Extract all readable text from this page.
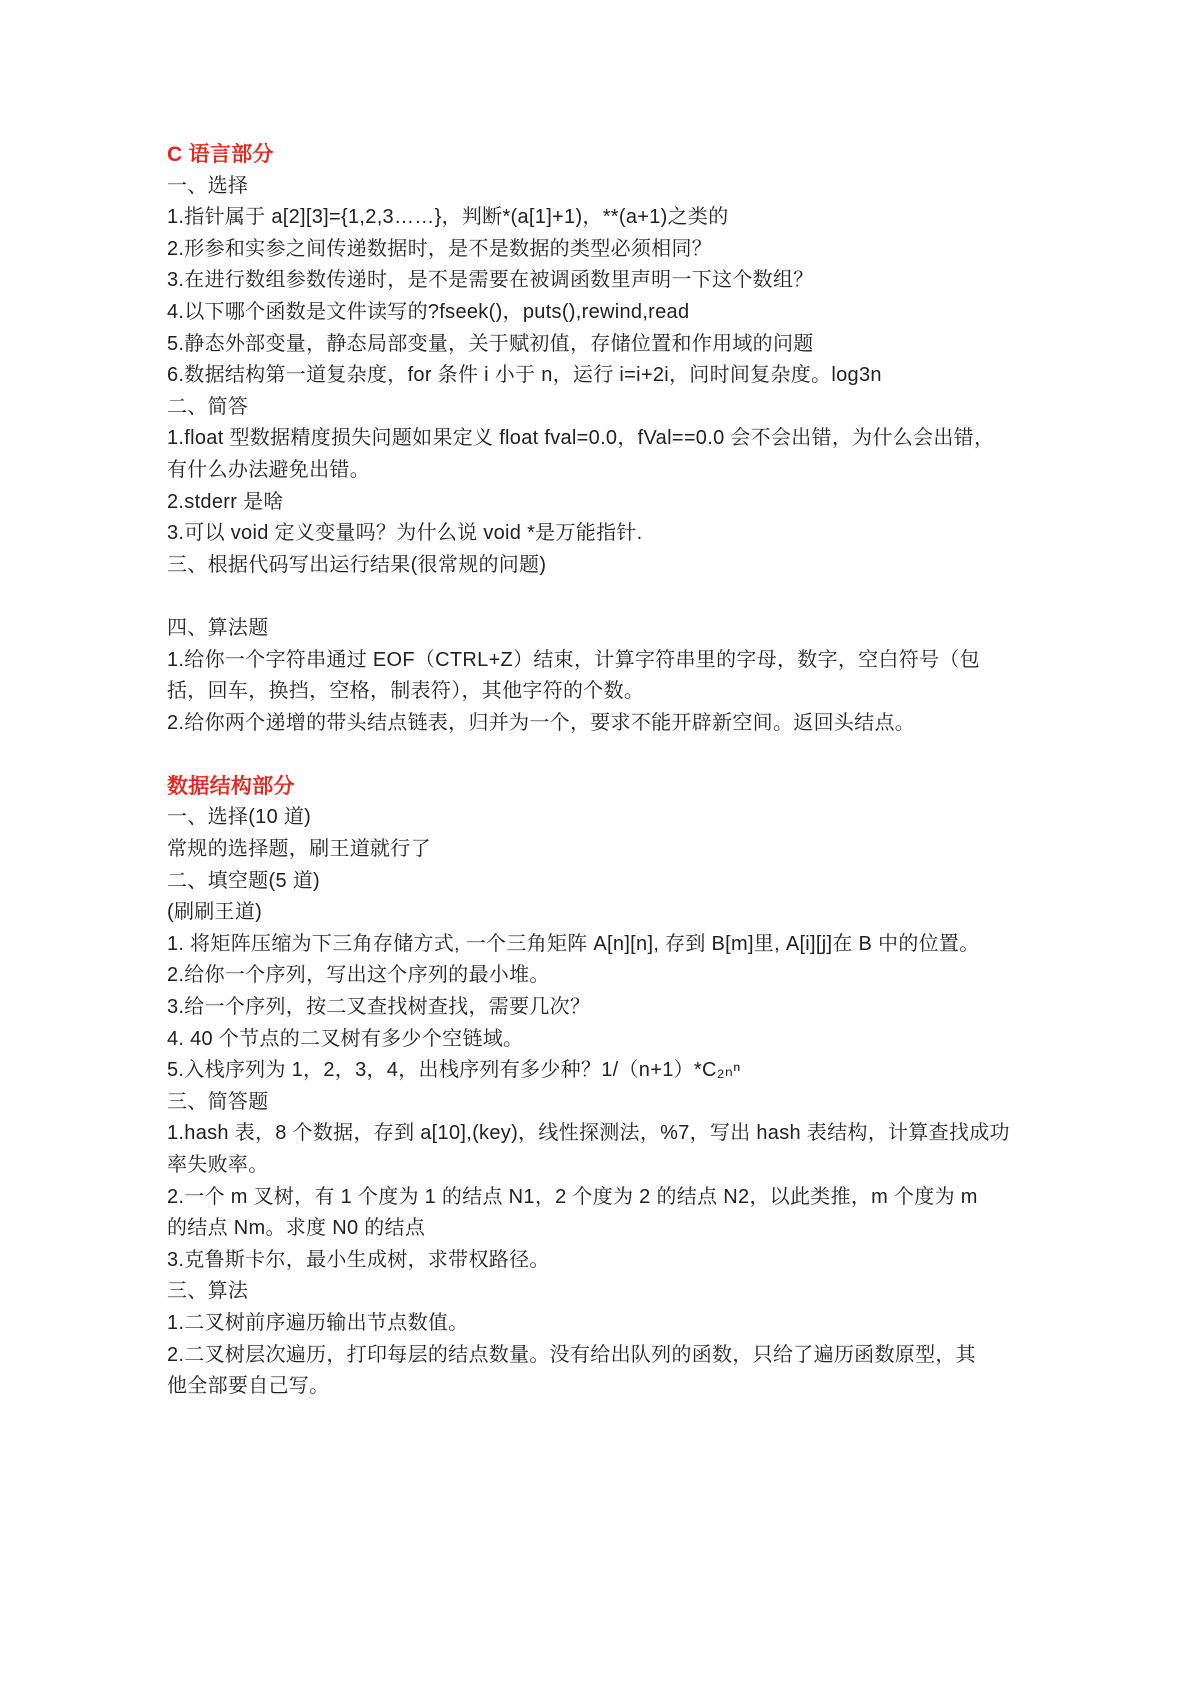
C 语言部分
一、选择
1.指针属于 a[2][3]={1,2,3……}，判断*(a[1]+1)，**(a+1)之类的
2.形参和实参之间传递数据时，是不是数据的类型必须相同？
3.在进行数组参数传递时，是不是需要在被调函数里声明一下这个数组？
4.以下哪个函数是文件读写的?fseek()，puts(),rewind,read
5.静态外部变量，静态局部变量，关于赋初值，存储位置和作用域的问题
6.数据结构第一道复杂度，for 条件 i 小于 n，运行 i=i+2i，问时间复杂度。log3n
二、简答
1.float 型数据精度损失问题如果定义 float fval=0.0，fVal==0.0 会不会出错，为什么会出错，
有什么办法避免出错。
2.stderr 是啥
3.可以 void 定义变量吗？为什么说 void *是万能指针.
三、根据代码写出运行结果(很常规的问题)
四、算法题
1.给你一个字符串通过 EOF（CTRL+Z）结束，计算字符串里的字母，数字，空白符号（包
括，回车，换挡，空格，制表符），其他字符的个数。
2.给你两个递增的带头结点链表，归并为一个，要求不能开辟新空间。返回头结点。
数据结构部分
一、选择(10 道)
常规的选择题，刷王道就行了
二、填空题(5 道)
(刷刷王道)
1. 将矩阵压缩为下三角存储方式, 一个三角矩阵 A[n][n], 存到 B[m]里, A[i][j]在 B 中的位置。
2.给你一个序列，写出这个序列的最小堆。
3.给一个序列，按二叉查找树查找，需要几次？
4. 40 个节点的二叉树有多少个空链域。
5.入栈序列为 1，2，3，4，出栈序列有多少种？1/（n+1）*C₂ₙⁿ
三、简答题
1.hash 表，8 个数据，存到 a[10],(key)，线性探测法，%7，写出 hash 表结构，计算查找成功
率失败率。
2.一个 m 叉树，有 1 个度为 1 的结点 N1，2 个度为 2 的结点 N2，以此类推，m 个度为 m
的结点 Nm。求度 N0 的结点
3.克鲁斯卡尔，最小生成树，求带权路径。
三、算法
1.二叉树前序遍历输出节点数值。
2.二叉树层次遍历，打印每层的结点数量。没有给出队列的函数，只给了遍历函数原型，其
他全部要自己写。
